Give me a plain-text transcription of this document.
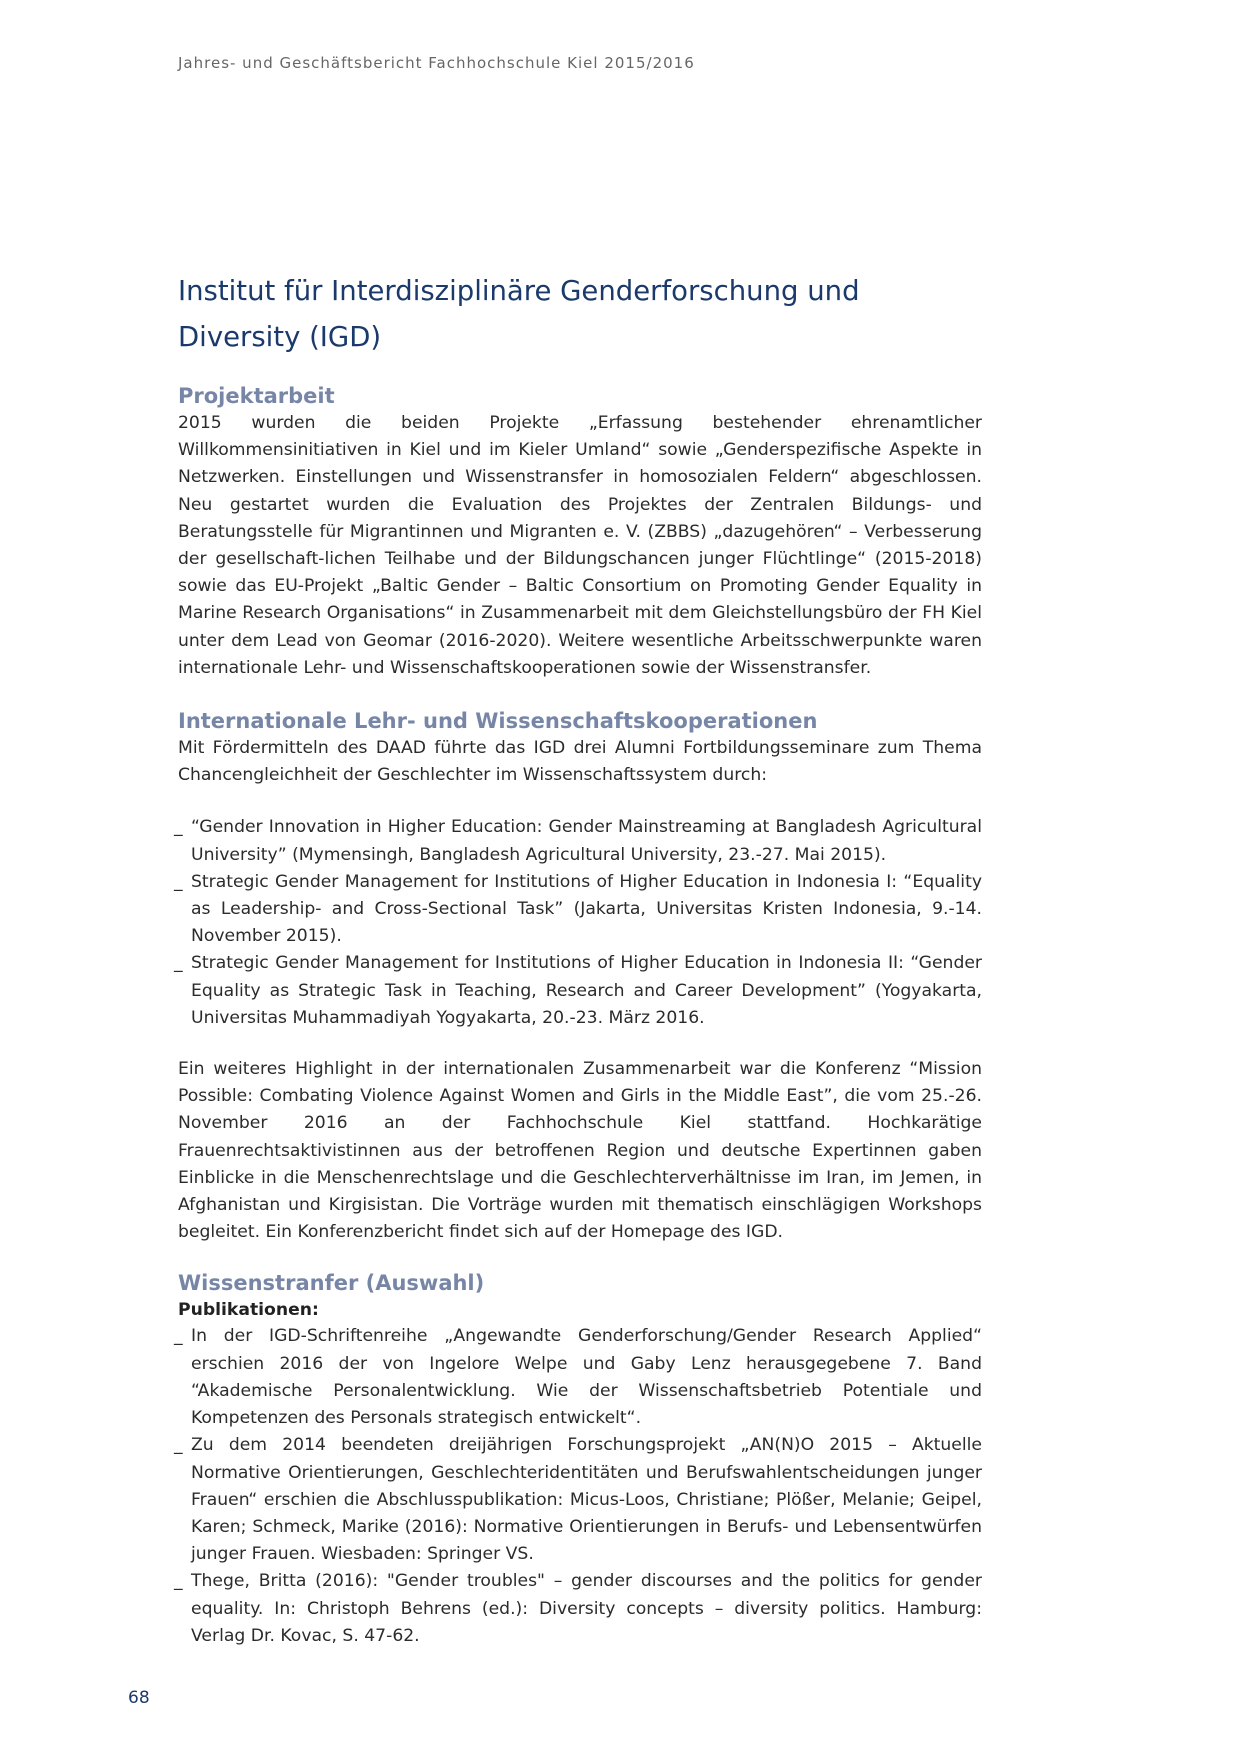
Jahres- und Geschäftsbericht Fachhochschule Kiel 2015/2016
Institut für Interdisziplinäre Genderforschung und Diversity (IGD)
Projektarbeit

2015 wurden die beiden Projekte „Erfassung bestehender ehrenamtlicher Willkommensinitiativen in Kiel und im Kieler Umland“ sowie „Genderspezifische Aspekte in Netzwerken. Einstellungen und Wissenstransfer in homosozialen Feldern“ abgeschlossen. Neu gestartet wurden die Evaluation des Projektes der Zentralen Bildungs- und Beratungsstelle für Migrantinnen und Migranten e. V. (ZBBS) „dazugehören“ – Verbesserung der gesellschaft-lichen Teilhabe und der Bildungschancen junger Flüchtlinge“ (2015-2018) sowie das EU-Projekt „Baltic Gender – Baltic Consortium on Promoting Gender Equality in Marine Research Organisations“ in Zusammenarbeit mit dem Gleichstellungsbüro der FH Kiel unter dem Lead von Geomar (2016-2020). Weitere wesentliche Arbeitsschwerpunkte waren internationale Lehr- und Wissenschaftskooperationen sowie der Wissenstransfer.

Internationale Lehr- und Wissenschaftskooperationen

Mit Fördermitteln des DAAD führte das IGD drei Alumni Fortbildungsseminare zum Thema Chancengleichheit der Geschlechter im Wissenschaftssystem durch:

_ “Gender Innovation in Higher Education: Gender Mainstreaming at Bangladesh Agricultural University” (Mymensingh, Bangladesh Agricultural University, 23.-27. Mai 2015).
_ Strategic Gender Management for Institutions of Higher Education in Indonesia I: “Equality as Leadership- and Cross-Sectional Task” (Jakarta, Universitas Kristen Indonesia, 9.-14. November 2015).
_ Strategic Gender Management for Institutions of Higher Education in Indonesia II: “Gender Equality as Strategic Task in Teaching, Research and Career Development” (Yogyakarta, Universitas Muhammadiyah Yogyakarta, 20.-23. März 2016.

Ein weiteres Highlight in der internationalen Zusammenarbeit war die Konferenz “Mission Possible: Combating Violence Against Women and Girls in the Middle East”, die vom 25.-26. November 2016 an der Fachhochschule Kiel stattfand. Hochkarätige Frauenrechtsaktivistinnen aus der betroffenen Region und deutsche Expertinnen gaben Einblicke in die Menschenrechtslage und die Geschlechterverhältnisse im Iran, im Jemen, in Afghanistan und Kirgisistan. Die Vorträge wurden mit thematisch einschlägigen Workshops begleitet. Ein Konferenzbericht findet sich auf der Homepage des IGD.

Wissenstranfer (Auswahl)
Publikationen:
_ In der IGD-Schriftenreihe „Angewandte Genderforschung/Gender Research Applied“ erschien 2016 der von Ingelore Welpe und Gaby Lenz herausgegebene 7. Band “Akademische Personalentwicklung. Wie der Wissenschaftsbetrieb Potentiale und Kompetenzen des Personals strategisch entwickelt“.
_ Zu dem 2014 beendeten dreijährigen Forschungsprojekt „AN(N)O 2015 – Aktuelle Normative Orientierungen, Geschlechteridentitäten und Berufswahlentscheidungen junger Frauen“ erschien die Abschlusspublikation: Micus-Loos, Christiane; Plößer, Melanie; Geipel, Karen; Schmeck, Marike (2016): Normative Orientierungen in Berufs- und Lebensentwürfen junger Frauen. Wiesbaden: Springer VS.
_ Thege, Britta (2016): "Gender troubles" – gender discourses and the politics for gender equality. In: Christoph Behrens (ed.): Diversity concepts – diversity politics. Hamburg: Verlag Dr. Kovac, S. 47-62.
68
